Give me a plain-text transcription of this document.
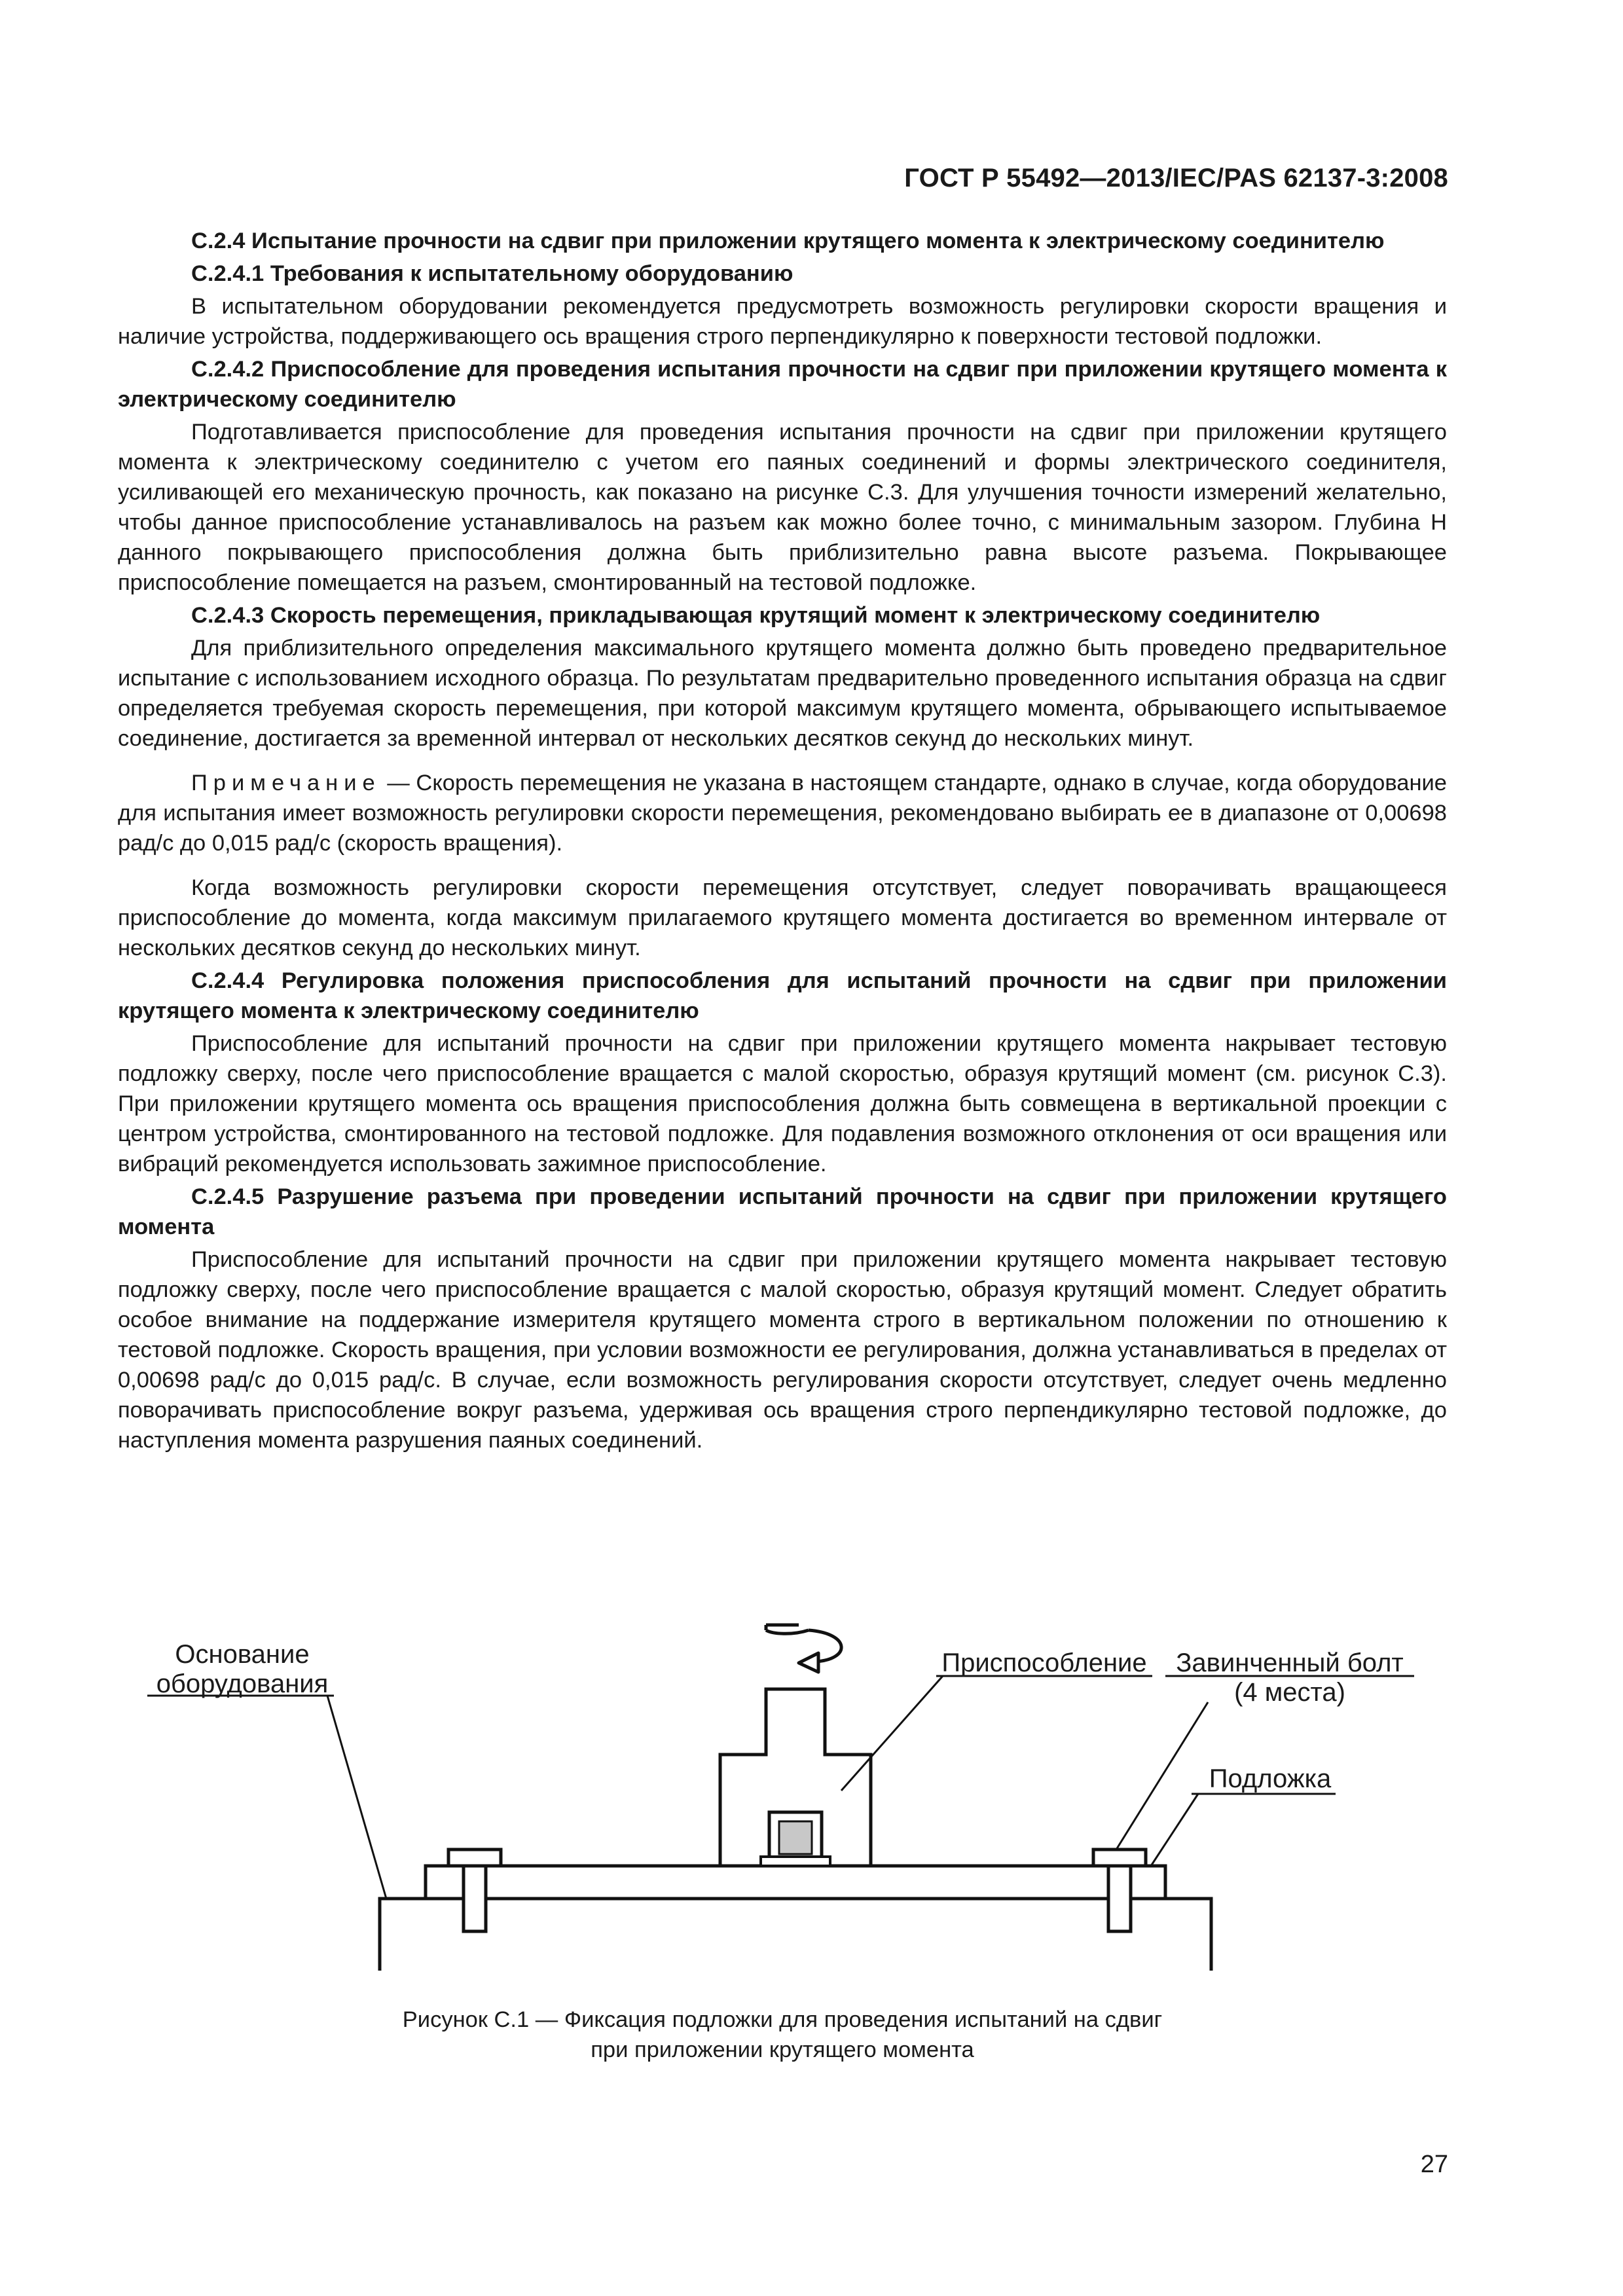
ГОСТ Р 55492—2013/IEC/PAS 62137-3:2008

С.2.4 Испытание прочности на сдвиг при приложении крутящего момента к электрическому соединителю

С.2.4.1 Требования к испытательному оборудованию

В испытательном оборудовании рекомендуется предусмотреть возможность регулировки скорости вращения и наличие устройства, поддерживающего ось вращения строго перпендикулярно к поверхности тестовой подложки.

С.2.4.2 Приспособление для проведения испытания прочности на сдвиг при приложении крутящего момента к электрическому соединителю

Подготавливается приспособление для проведения испытания прочности на сдвиг при приложении крутящего момента к электрическому соединителю с учетом его паяных соединений и формы электрического соединителя, усиливающей его механическую прочность, как показано на рисунке С.3. Для улучшения точности измерений желательно, чтобы данное приспособление устанавливалось на разъем как можно более точно, с минимальным зазором. Глубина Н данного покрывающего приспособления должна быть приблизительно равна высоте разъема. Покрывающее приспособление помещается на разъем, смонтированный на тестовой подложке.

С.2.4.3 Скорость перемещения, прикладывающая крутящий момент к электрическому соединителю

Для приблизительного определения максимального крутящего момента должно быть проведено предварительное испытание с использованием исходного образца. По результатам предварительно проведенного испытания образца на сдвиг определяется требуемая скорость перемещения, при которой максимум крутящего момента, обрывающего испытываемое соединение, достигается за временной интервал от нескольких десятков секунд до нескольких минут.

Примечание — Скорость перемещения не указана в настоящем стандарте, однако в случае, когда оборудование для испытания имеет возможность регулировки скорости перемещения, рекомендовано выбирать ее в диапазоне от 0,00698 рад/с до 0,015 рад/с (скорость вращения).

Когда возможность регулировки скорости перемещения отсутствует, следует поворачивать вращающееся приспособление до момента, когда максимум прилагаемого крутящего момента достигается во временном интервале от нескольких десятков секунд до нескольких минут.

С.2.4.4 Регулировка положения приспособления для испытаний прочности на сдвиг при приложении крутящего момента к электрическому соединителю

Приспособление для испытаний прочности на сдвиг при приложении крутящего момента накрывает тестовую подложку сверху, после чего приспособление вращается с малой скоростью, образуя крутящий момент (см. рисунок С.3). При приложении крутящего момента ось вращения приспособления должна быть совмещена в вертикальной проекции с центром устройства, смонтированного на тестовой подложке. Для подавления возможного отклонения от оси вращения или вибраций рекомендуется использовать зажимное приспособление.

С.2.4.5 Разрушение разъема при проведении испытаний прочности на сдвиг при приложении крутящего момента

Приспособление для испытаний прочности на сдвиг при приложении крутящего момента накрывает тестовую подложку сверху, после чего приспособление вращается с малой скоростью, образуя крутящий момент. Следует обратить особое внимание на поддержание измерителя крутящего момента строго в вертикальном положении по отношению к тестовой подложке. Скорость вращения, при условии возможности ее регулирования, должна устанавливаться в пределах от 0,00698 рад/с до 0,015 рад/с. В случае, если возможность регулирования скорости отсутствует, следует очень медленно поворачивать приспособление вокруг разъема, удерживая ось вращения строго перпендикулярно тестовой подложке, до наступления момента разрушения паяных соединений.

Основание
оборудования
Приспособление Завинченный болт
(4 места)
Подложка
Рисунок С.1 — Фиксация подложки для проведения испытаний на сдвиг
при приложении крутящего момента
27
